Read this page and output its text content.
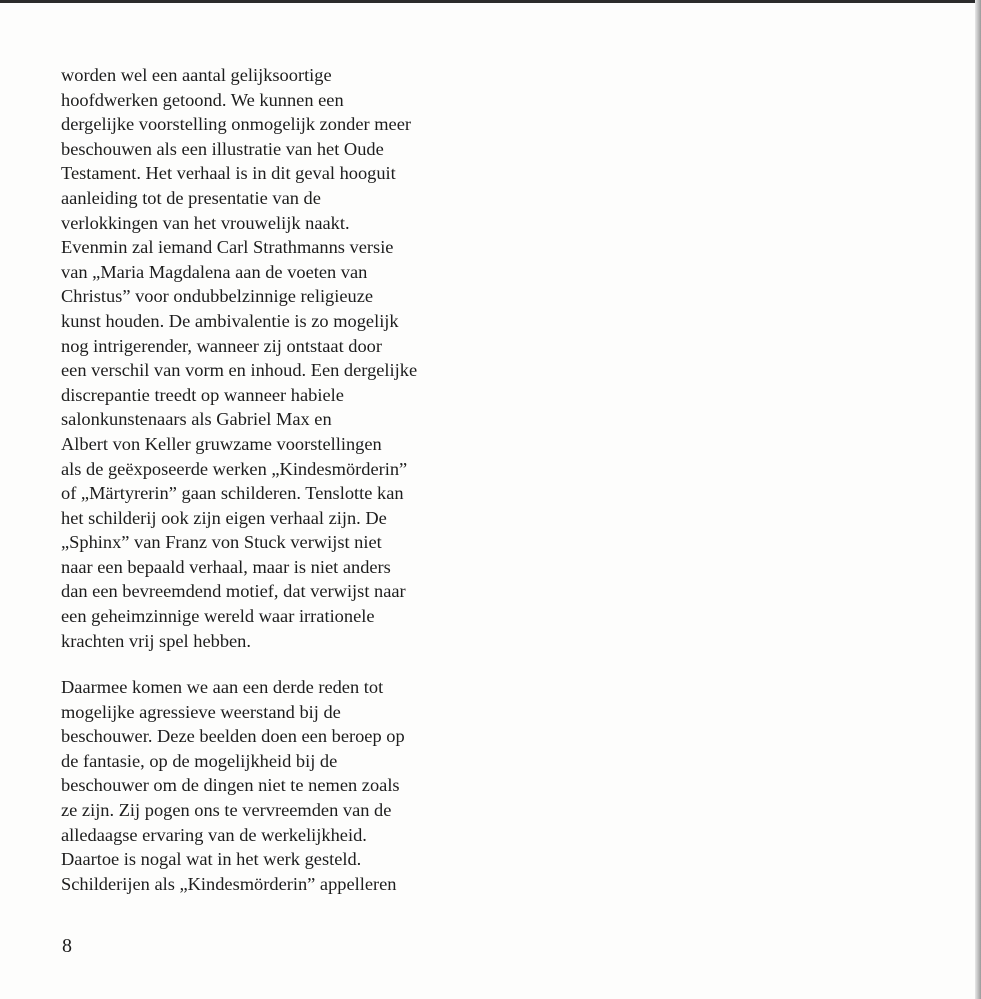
worden wel een aantal gelijksoortige
hoofdwerken getoond. We kunnen een
dergelijke voorstelling onmogelijk zonder meer
beschouwen als een illustratie van het Oude
Testament. Het verhaal is in dit geval hooguit
aanleiding tot de presentatie van de
verlokkingen van het vrouwelijk naakt.
Evenmin zal iemand Carl Strathmanns versie
van „Maria Magdalena aan de voeten van
Christus” voor ondubbelzinnige religieuze
kunst houden. De ambivalentie is zo mogelijk
nog intrigerender, wanneer zij ontstaat door
een verschil van vorm en inhoud. Een dergelijke
discrepantie treedt op wanneer habiele
salonkunstenaars als Gabriel Max en
Albert von Keller gruwzame voorstellingen
als de geëxposeerde werken „Kindesmörderin”
of „Märtyrerin” gaan schilderen. Tenslotte kan
het schilderij ook zijn eigen verhaal zijn. De
„Sphinx” van Franz von Stuck verwijst niet
naar een bepaald verhaal, maar is niet anders
dan een bevreemdend motief, dat verwijst naar
een geheimzinnige wereld waar irrationele
krachten vrij spel hebben.

Daarmee komen we aan een derde reden tot
mogelijke agressieve weerstand bij de
beschouwer. Deze beelden doen een beroep op
de fantasie, op de mogelijkheid bij de
beschouwer om de dingen niet te nemen zoals
ze zijn. Zij pogen ons te vervreemden van de
alledaagse ervaring van de werkelijkheid.
Daartoe is nogal wat in het werk gesteld.
Schilderijen als „Kindesmörderin” appelleren

8
